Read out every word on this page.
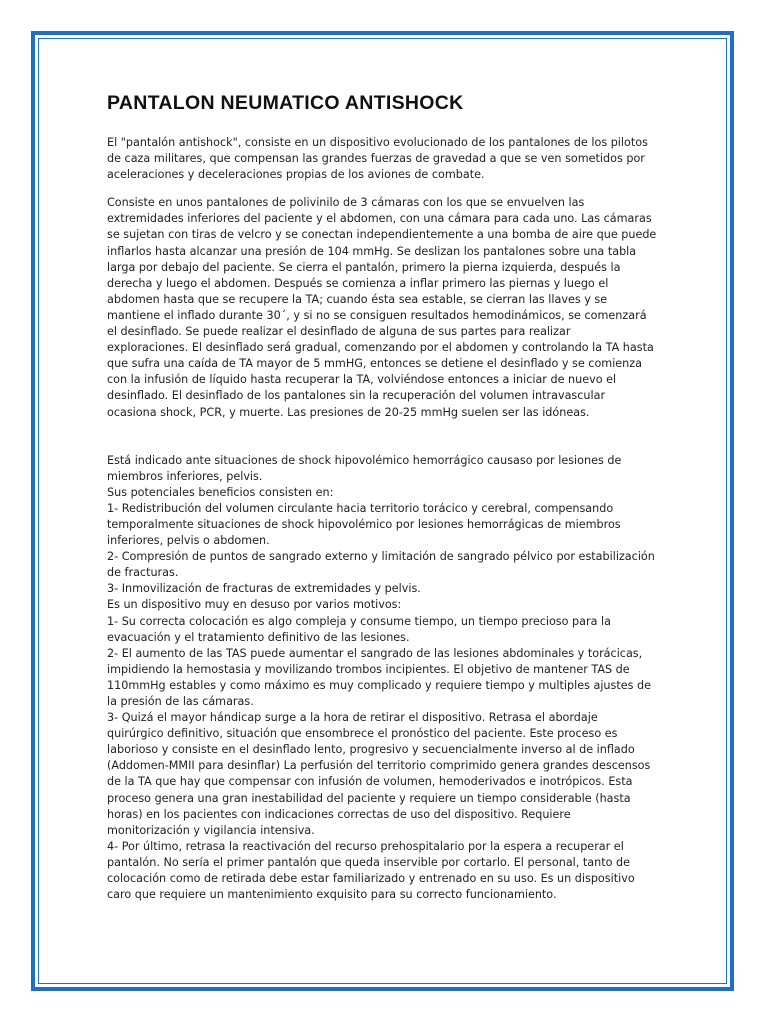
PANTALON NEUMATICO ANTISHOCK

El "pantalón antishock", consiste en un dispositivo evolucionado de los pantalones de los pilotos
de caza militares, que compensan las grandes fuerzas de gravedad a que se ven sometidos por
aceleraciones y deceleraciones propias de los aviones de combate.

Consiste en unos pantalones de polivinilo de 3 cámaras con los que se envuelven las
extremidades inferiores del paciente y el abdomen, con una cámara para cada uno. Las cámaras
se sujetan con tiras de velcro y se conectan independientemente a una bomba de aire que puede
inflarlos hasta alcanzar una presión de 104 mmHg. Se deslizan los pantalones sobre una tabla
larga por debajo del paciente. Se cierra el pantalón, primero la pierna izquierda, después la
derecha y luego el abdomen. Después se comienza a inflar primero las piernas y luego el
abdomen hasta que se recupere la TA; cuando ésta sea estable, se cierran las llaves y se
mantiene el inflado durante 30´, y si no se consiguen resultados hemodinámicos, se comenzará
el desinflado. Se puede realizar el desinflado de alguna de sus partes para realizar
exploraciones. El desinflado será gradual, comenzando por el abdomen y controlando la TA hasta
que sufra una caída de TA mayor de 5 mmHG, entonces se detiene el desinflado y se comienza
con la infusión de líquido hasta recuperar la TA, volviéndose entonces a iniciar de nuevo el
desinflado. El desinflado de los pantalones sin la recuperación del volumen intravascular
ocasiona shock, PCR, y muerte. Las presiones de 20-25 mmHg suelen ser las idóneas.

Está indicado ante situaciones de shock hipovolémico hemorrágico causaso por lesiones de
miembros inferiores, pelvis.
Sus potenciales beneficios consisten en:
1- Redistribución del volumen circulante hacia territorio torácico y cerebral, compensando
temporalmente situaciones de shock hipovolémico por lesiones hemorrágicas de miembros
inferiores, pelvis o abdomen.
2- Compresión de puntos de sangrado externo y limitación de sangrado pélvico por estabilización
de fracturas.
3- Inmovilización de fracturas de extremidades y pelvis.
Es un dispositivo muy en desuso por varios motivos:
1- Su correcta colocación es algo compleja y consume tiempo, un tiempo precioso para la
evacuación y el tratamiento definitivo de las lesiones.
2- El aumento de las TAS puede aumentar el sangrado de las lesiones abdominales y torácicas,
impidiendo la hemostasia y movilizando trombos incipientes. El objetivo de mantener TAS de
110mmHg estables y como máximo es muy complicado y requiere tiempo y multiples ajustes de
la presión de las cámaras.
3- Quizá el mayor hándicap surge a la hora de retirar el dispositivo. Retrasa el abordaje
quirúrgico definitivo, situación que ensombrece el pronóstico del paciente. Este proceso es
laborioso y consiste en el desinflado lento, progresivo y secuencialmente inverso al de inflado
(Addomen-MMII para desinflar) La perfusión del territorio comprimido genera grandes descensos
de la TA que hay que compensar con infusión de volumen, hemoderivados e inotrópicos. Esta
proceso genera una gran inestabilidad del paciente y requiere un tiempo considerable (hasta
horas) en los pacientes con indicaciones correctas de uso del dispositivo. Requiere
monitorización y vigilancia intensiva.
4- Por último, retrasa la reactivación del recurso prehospitalario por la espera a recuperar el
pantalón. No sería el primer pantalón que queda inservible por cortarlo. El personal, tanto de
colocación como de retirada debe estar familiarizado y entrenado en su uso. Es un dispositivo
caro que requiere un mantenimiento exquisito para su correcto funcionamiento.
